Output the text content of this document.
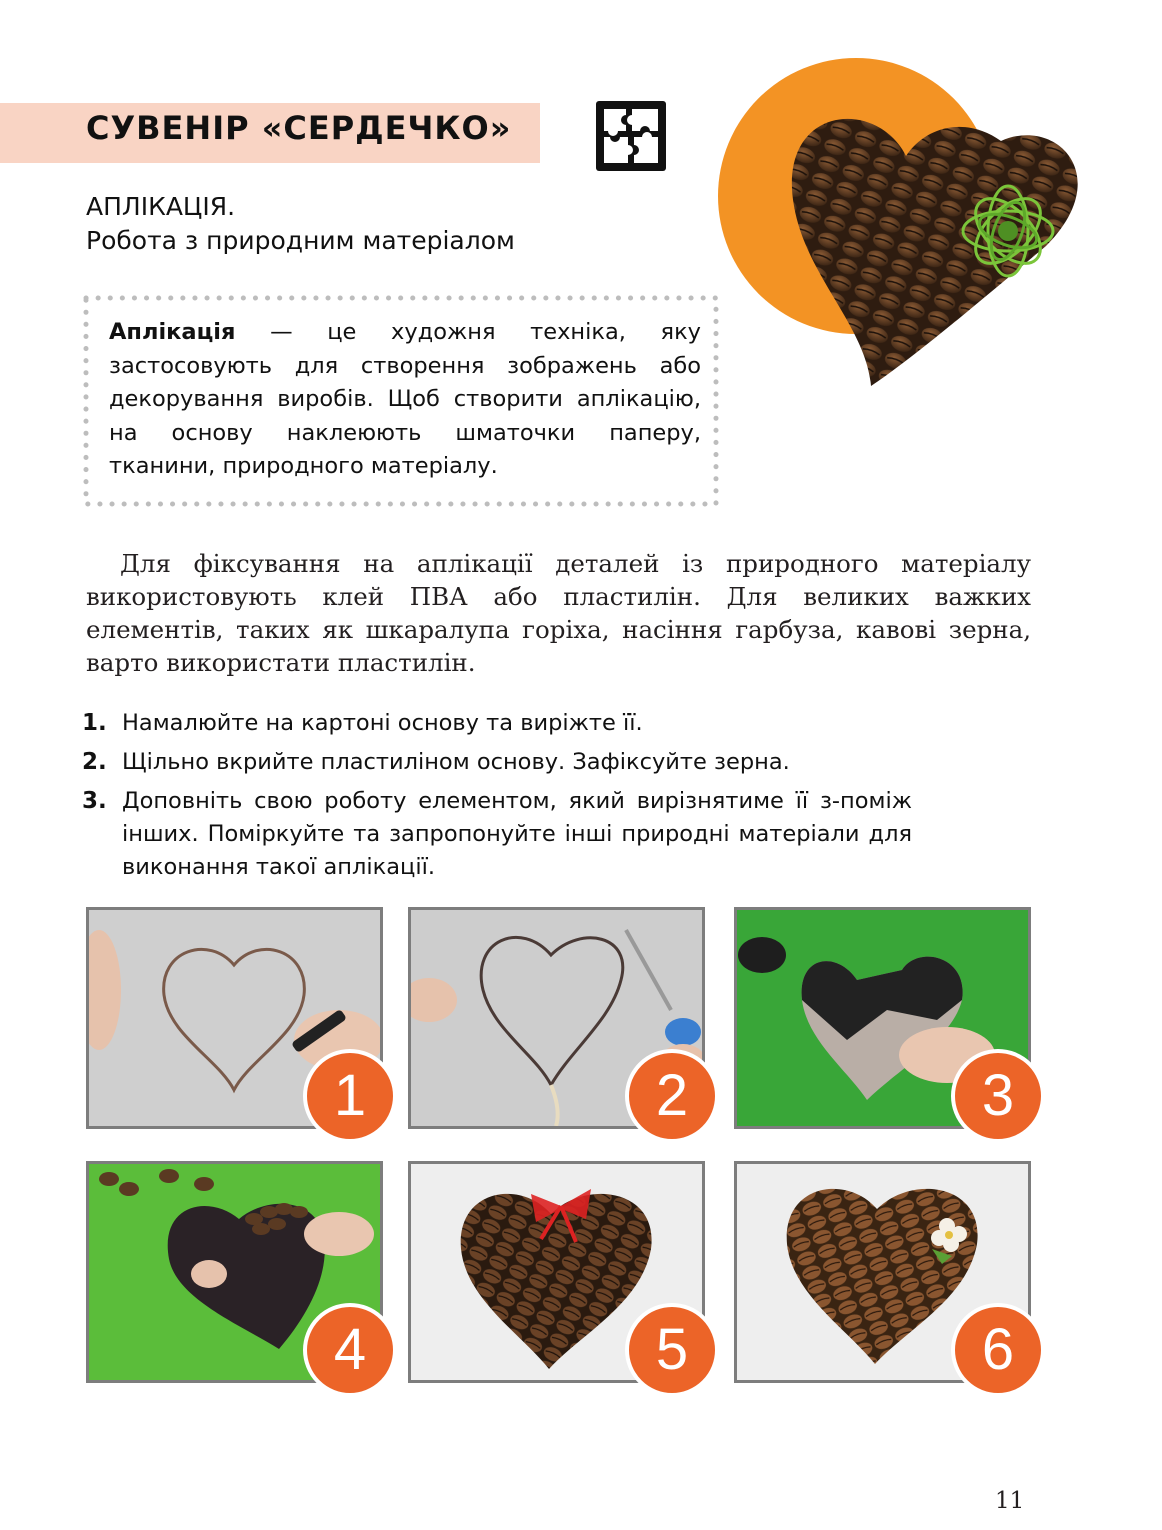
СУВЕНІР «СЕРДЕЧКО»
АПЛІКАЦІЯ.
Робота з природним матеріалом
Аплікація — це художня техніка, яку застосовують для створення зображень або декорування виробів. Щоб створити аплікацію, на основу наклеюють шматочки паперу, тканини, природного матеріалу.
Для фіксування на аплікації деталей із природного матеріалу використовують клей ПВА або пластилін. Для великих важких елементів, таких як шкаралупа горіха, насіння гарбуза, кавові зерна, варто використати пластилін.
1. Намалюйте на картоні основу та виріжте її.
2. Щільно вкрийте пластиліном основу. Зафіксуйте зерна.
3. Доповніть свою роботу елементом, який вирізнятиме її з-поміж інших. Поміркуйте та запропонуйте інші природні матеріали для виконання такої аплікації.
1	2	3
4	5	6
11
